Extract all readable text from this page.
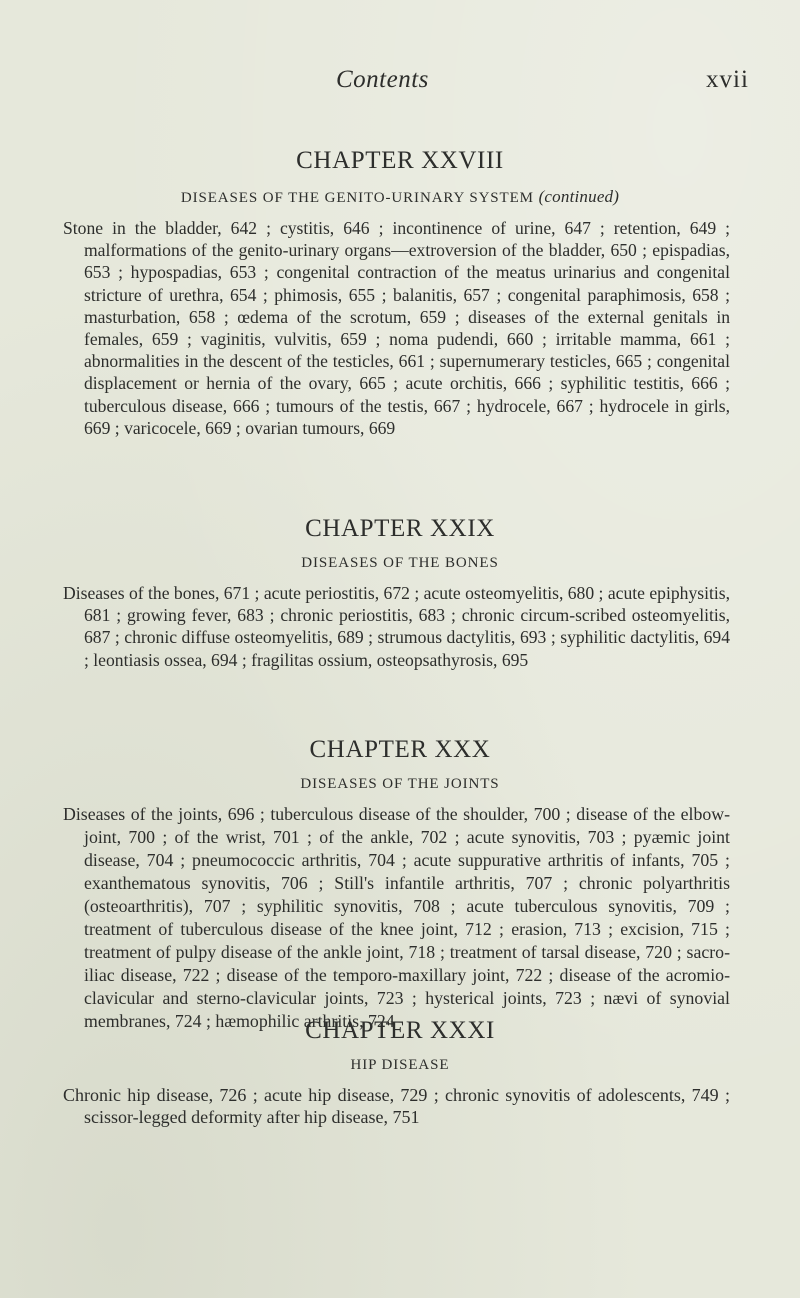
Contents	xvii
CHAPTER XXVIII
DISEASES OF THE GENITO-URINARY SYSTEM (continued)

Stone in the bladder, 642 ; cystitis, 646 ; incontinence of urine, 647 ; retention, 649 ; malformations of the genito-urinary organs—extroversion of the bladder, 650 ; epispadias, 653 ; hypospadias, 653 ; congenital contraction of the meatus urinarius and congenital stricture of urethra, 654 ; phimosis, 655 ; balanitis, 657 ; congenital paraphimosis, 658 ; masturbation, 658 ; œdema of the scrotum, 659 ; diseases of the external genitals in females, 659 ; vaginitis, vulvitis, 659 ; noma pudendi, 660 ; irritable mamma, 661 ; abnormalities in the descent of the testicles, 661 ; supernumerary testicles, 665 ; congenital displacement or hernia of the ovary, 665 ; acute orchitis, 666 ; syphilitic testitis, 666 ; tuberculous disease, 666 ; tumours of the testis, 667 ; hydrocele, 667 ; hydrocele in girls, 669 ; varicocele, 669 ; ovarian tumours, 669

CHAPTER XXIX
DISEASES OF THE BONES

Diseases of the bones, 671 ; acute periostitis, 672 ; acute osteomyelitis, 680 ; acute epiphysitis, 681 ; growing fever, 683 ; chronic periostitis, 683 ; chronic circum-scribed osteomyelitis, 687 ; chronic diffuse osteomyelitis, 689 ; strumous dactylitis, 693 ; syphilitic dactylitis, 694 ; leontiasis ossea, 694 ; fragilitas ossium, osteopsathyrosis, 695

CHAPTER XXX
DISEASES OF THE JOINTS

Diseases of the joints, 696 ; tuberculous disease of the shoulder, 700 ; disease of the elbow-joint, 700 ; of the wrist, 701 ; of the ankle, 702 ; acute synovitis, 703 ; pyæmic joint disease, 704 ; pneumococcic arthritis, 704 ; acute suppurative arthritis of infants, 705 ; exanthematous synovitis, 706 ; Still's infantile arthritis, 707 ; chronic polyarthritis (osteoarthritis), 707 ; syphilitic synovitis, 708 ; acute tuberculous synovitis, 709 ; treatment of tuberculous disease of the knee joint, 712 ; erasion, 713 ; excision, 715 ; treatment of pulpy disease of the ankle joint, 718 ; treatment of tarsal disease, 720 ; sacro-iliac disease, 722 ; disease of the temporo-maxillary joint, 722 ; disease of the acromio-clavicular and sterno-clavicular joints, 723 ; hysterical joints, 723 ; nævi of synovial membranes, 724 ; hæmophilic arthritis, 724

CHAPTER XXXI
HIP DISEASE

Chronic hip disease, 726 ; acute hip disease, 729 ; chronic synovitis of adolescents, 749 ; scissor-legged deformity after hip disease, 751
